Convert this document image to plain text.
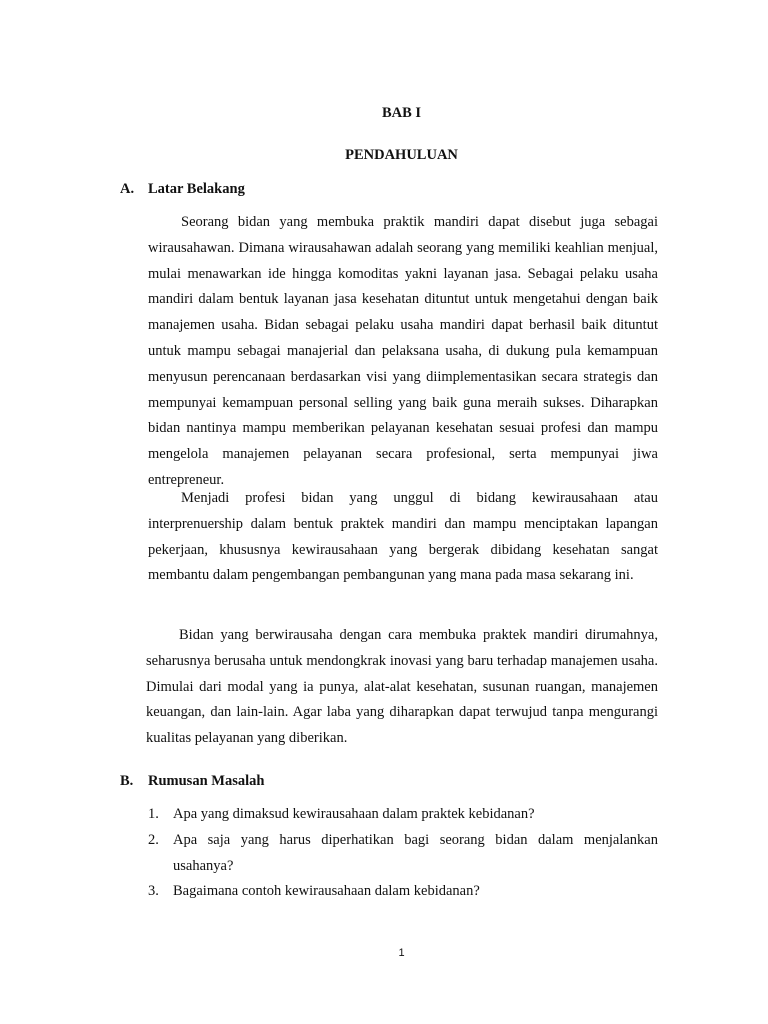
BAB I
PENDAHULUAN
A. Latar Belakang

Seorang bidan yang membuka praktik mandiri dapat disebut juga sebagai wirausahawan. Dimana wirausahawan adalah seorang yang memiliki keahlian menjual, mulai menawarkan ide hingga komoditas yakni layanan jasa. Sebagai pelaku usaha mandiri dalam bentuk layanan jasa kesehatan dituntut untuk mengetahui dengan baik manajemen usaha. Bidan sebagai pelaku usaha mandiri dapat berhasil baik dituntut untuk mampu sebagai manajerial dan pelaksana usaha, di dukung pula kemampuan menyusun perencanaan berdasarkan visi yang diimplementasikan secara strategis dan mempunyai kemampuan personal selling yang baik guna meraih sukses. Diharapkan bidan nantinya mampu memberikan pelayanan kesehatan sesuai profesi dan mampu mengelola manajemen pelayanan secara profesional, serta mempunyai jiwa entrepreneur.

Menjadi profesi bidan yang unggul di bidang kewirausahaan atau interprenuership dalam bentuk praktek mandiri dan mampu menciptakan lapangan pekerjaan, khususnya kewirausahaan yang bergerak dibidang kesehatan sangat membantu dalam pengembangan pembangunan yang mana pada masa sekarang ini.

Bidan yang berwirausaha dengan cara membuka praktek mandiri dirumahnya, seharusnya berusaha untuk mendongkrak inovasi yang baru terhadap manajemen usaha. Dimulai dari modal yang ia punya, alat-alat kesehatan, susunan ruangan, manajemen keuangan, dan lain-lain. Agar laba yang diharapkan dapat terwujud tanpa mengurangi kualitas pelayanan yang diberikan.

B. Rumusan Masalah
1. Apa yang dimaksud kewirausahaan dalam praktek kebidanan?
2. Apa saja yang harus diperhatikan bagi seorang bidan dalam menjalankan usahanya?
3. Bagaimana contoh kewirausahaan dalam kebidanan?
1
